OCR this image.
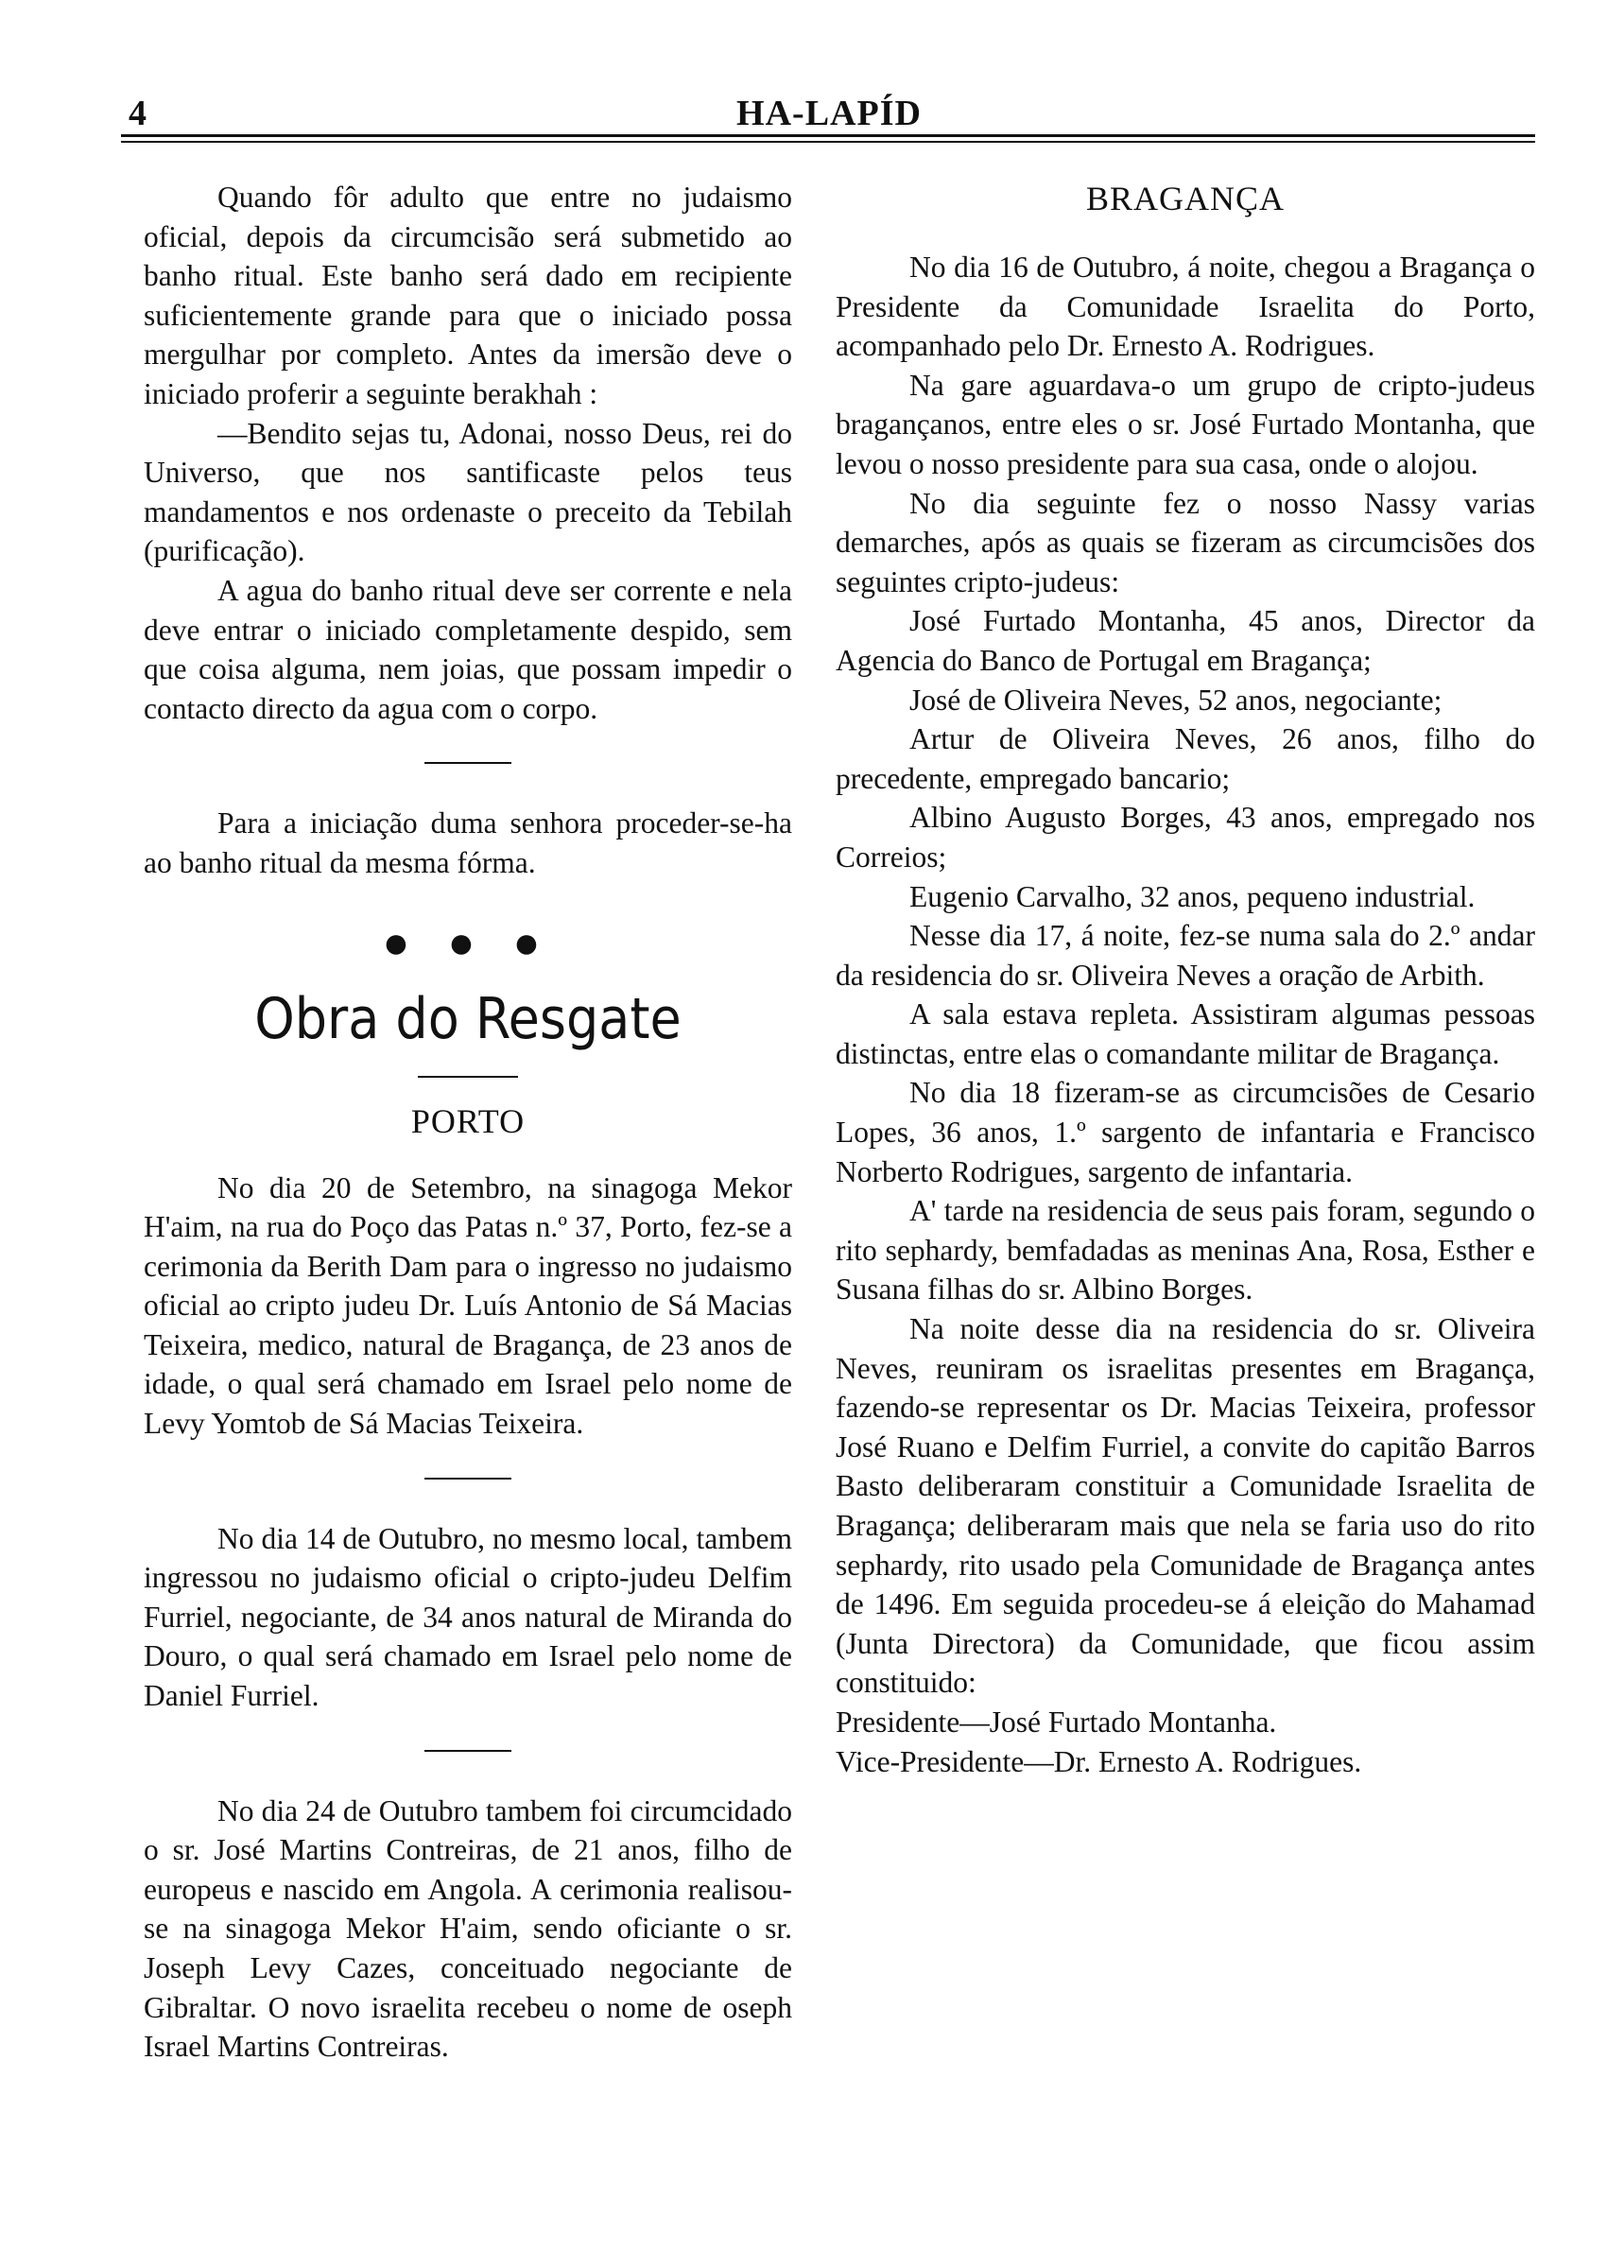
4	HA-LAPÍD

Quando fôr adulto que entre no judaismo oficial, depois da circumcisão será submetido ao banho ritual. Este banho será dado em recipiente suficientemente grande para que o iniciado possa mergulhar por completo. Antes da imersão deve o iniciado proferir a seguinte berakhah :

—Bendito sejas tu, Adonai, nosso Deus, rei do Universo, que nos santificaste pelos teus mandamentos e nos ordenaste o preceito da Tebilah (purificação).

A agua do banho ritual deve ser corrente e nela deve entrar o iniciado completamente despido, sem que coisa alguma, nem joias, que possam impedir o contacto directo da agua com o corpo.

Para a iniciação duma senhora proceder-se-ha ao banho ritual da mesma fórma.

● ● ●
Obra do Resgate
PORTO

No dia 20 de Setembro, na sinagoga Mekor H'aim, na rua do Poço das Patas n.º 37, Porto, fez-se a cerimonia da Berith Dam para o ingresso no judaismo oficial ao cripto judeu Dr. Luís Antonio de Sá Macias Teixeira, medico, natural de Bragança, de 23 anos de idade, o qual será chamado em Israel pelo nome de Levy Yomtob de Sá Macias Teixeira.

No dia 14 de Outubro, no mesmo local, tambem ingressou no judaismo oficial o cripto-judeu Delfim Furriel, negociante, de 34 anos natural de Miranda do Douro, o qual será chamado em Israel pelo nome de Daniel Furriel.

No dia 24 de Outubro tambem foi circumcidado o sr. José Martins Contreiras, de 21 anos, filho de europeus e nascido em Angola. A cerimonia realisou-se na sinagoga Mekor H'aim, sendo oficiante o sr. Joseph Levy Cazes, conceituado negociante de Gibraltar. O novo israelita recebeu o nome de oseph Israel Martins Contreiras.

BRAGANÇA

No dia 16 de Outubro, á noite, chegou a Bragança o Presidente da Comunidade Israelita do Porto, acompanhado pelo Dr. Ernesto A. Rodrigues.

Na gare aguardava-o um grupo de cripto-judeus bragançanos, entre eles o sr. José Furtado Montanha, que levou o nosso presidente para sua casa, onde o alojou.

No dia seguinte fez o nosso Nassy varias demarches, após as quais se fizeram as circumcisões dos seguintes cripto-judeus:

José Furtado Montanha, 45 anos, Director da Agencia do Banco de Portugal em Bragança;

José de Oliveira Neves, 52 anos, negociante;

Artur de Oliveira Neves, 26 anos, filho do precedente, empregado bancario;

Albino Augusto Borges, 43 anos, empregado nos Correios;

Eugenio Carvalho, 32 anos, pequeno industrial.

Nesse dia 17, á noite, fez-se numa sala do 2.º andar da residencia do sr. Oliveira Neves a oração de Arbith.

A sala estava repleta. Assistiram algumas pessoas distinctas, entre elas o comandante militar de Bragança.

No dia 18 fizeram-se as circumcisões de Cesario Lopes, 36 anos, 1.º sargento de infantaria e Francisco Norberto Rodrigues, sargento de infantaria.

A' tarde na residencia de seus pais foram, segundo o rito sephardy, bemfadadas as meninas Ana, Rosa, Esther e Susana filhas do sr. Albino Borges.

Na noite desse dia na residencia do sr. Oliveira Neves, reuniram os israelitas presentes em Bragança, fazendo-se representar os Dr. Macias Teixeira, professor José Ruano e Delfim Furriel, a convite do capitão Barros Basto deliberaram constituir a Comunidade Israelita de Bragança; deliberaram mais que nela se faria uso do rito sephardy, rito usado pela Comunidade de Bragança antes de 1496. Em seguida procedeu-se á eleição do Mahamad (Junta Directora) da Comunidade, que ficou assim constituido:

Presidente—José Furtado Montanha.

Vice-Presidente—Dr. Ernesto A. Rodrigues.
